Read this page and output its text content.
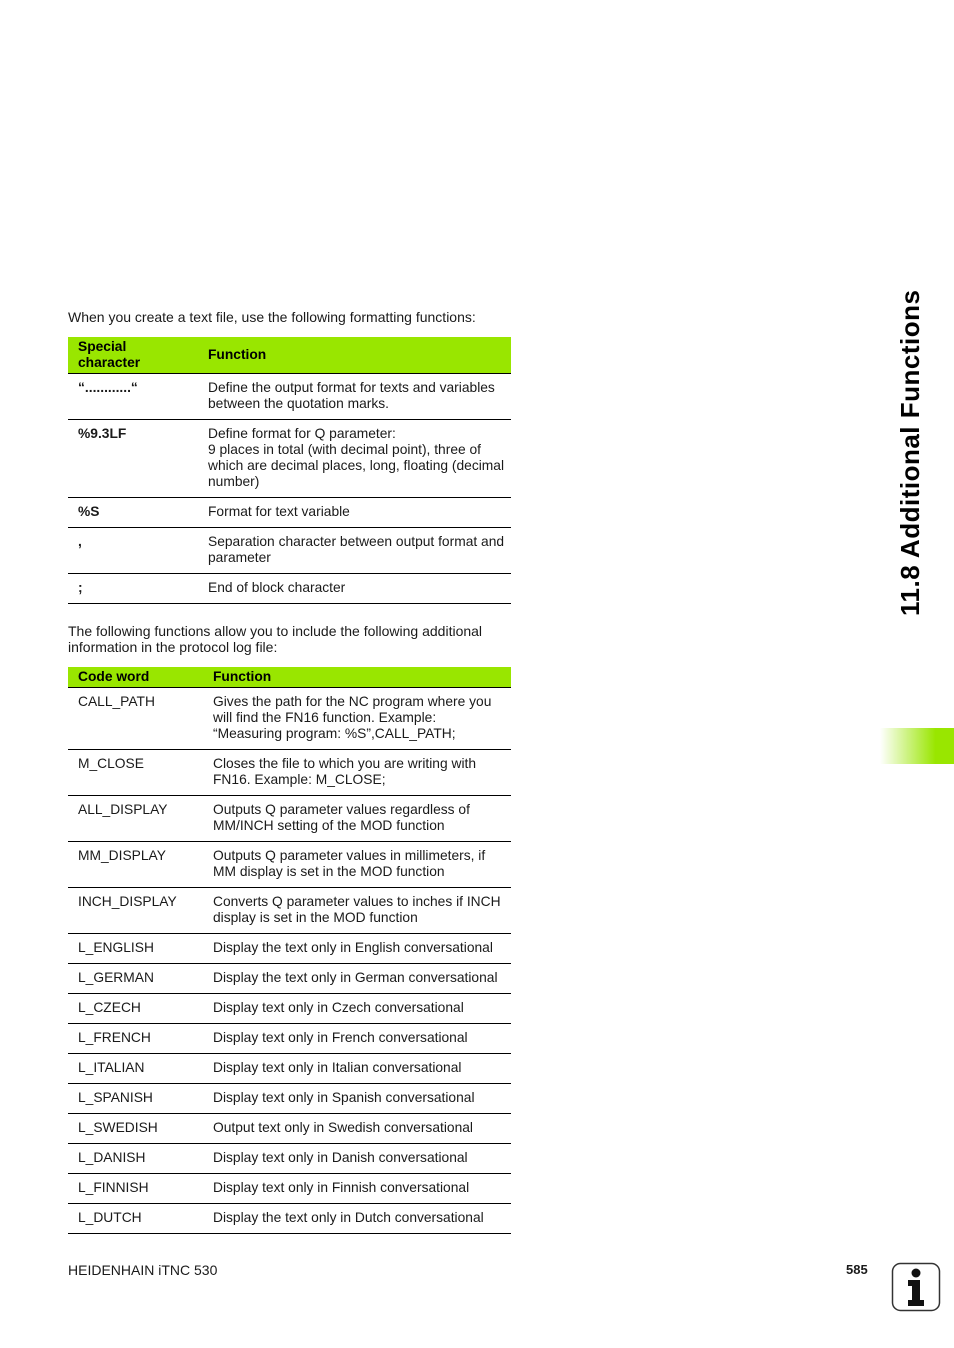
When you create a text file, use the following formatting functions:

Special character	Function
“............“	Define the output format for texts and variables between the quotation marks.
%9.3LF	Define format for Q parameter:
9 places in total (with decimal point), three of which are decimal places, long, floating (decimal number)
%S	Format for text variable
,	Separation character between output format and parameter
;	End of block character

The following functions allow you to include the following additional information in the protocol log file:

Code word	Function
CALL_PATH	Gives the path for the NC program where you will find the FN16 function. Example: “Measuring program: %S”,CALL_PATH;
M_CLOSE	Closes the file to which you are writing with FN16. Example: M_CLOSE;
ALL_DISPLAY	Outputs Q parameter values regardless of MM/INCH setting of the MOD function
MM_DISPLAY	Outputs Q parameter values in millimeters, if MM display is set in the MOD function
INCH_DISPLAY	Converts Q parameter values to inches if INCH display is set in the MOD function
L_ENGLISH	Display the text only in English conversational
L_GERMAN	Display the text only in German conversational
L_CZECH	Display text only in Czech conversational
L_FRENCH	Display text only in French conversational
L_ITALIAN	Display text only in Italian conversational
L_SPANISH	Display text only in Spanish conversational
L_SWEDISH	Output text only in Swedish conversational
L_DANISH	Display text only in Danish conversational
L_FINNISH	Display text only in Finnish conversational
L_DUTCH	Display the text only in Dutch conversational
11.8 Additional Functions
HEIDENHAIN iTNC 530	585
